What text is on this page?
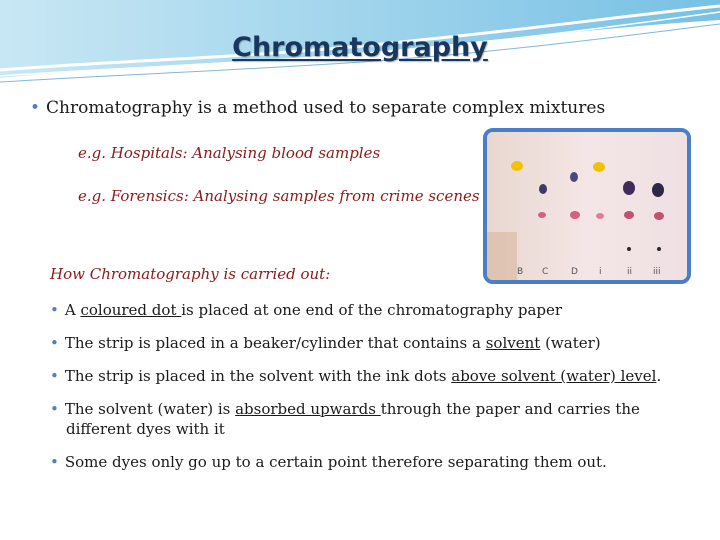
Chromatography
• Chromatography is a method used to separate complex mixtures
e.g. Hospitals: Analysing blood samples
e.g. Forensics: Analysing samples from crime scenes
B C	D i	ii iii
How Chromatography is carried out:
• A coloured dot is placed at one end of the chromatography paper
• The strip is placed in a beaker/cylinder that contains a solvent (water)
• The strip is placed in the solvent with the ink dots above solvent (water) level.
• The solvent (water) is absorbed upwards through the paper and carries the
different dyes with it
• Some dyes only go up to a certain point therefore separating them out.
